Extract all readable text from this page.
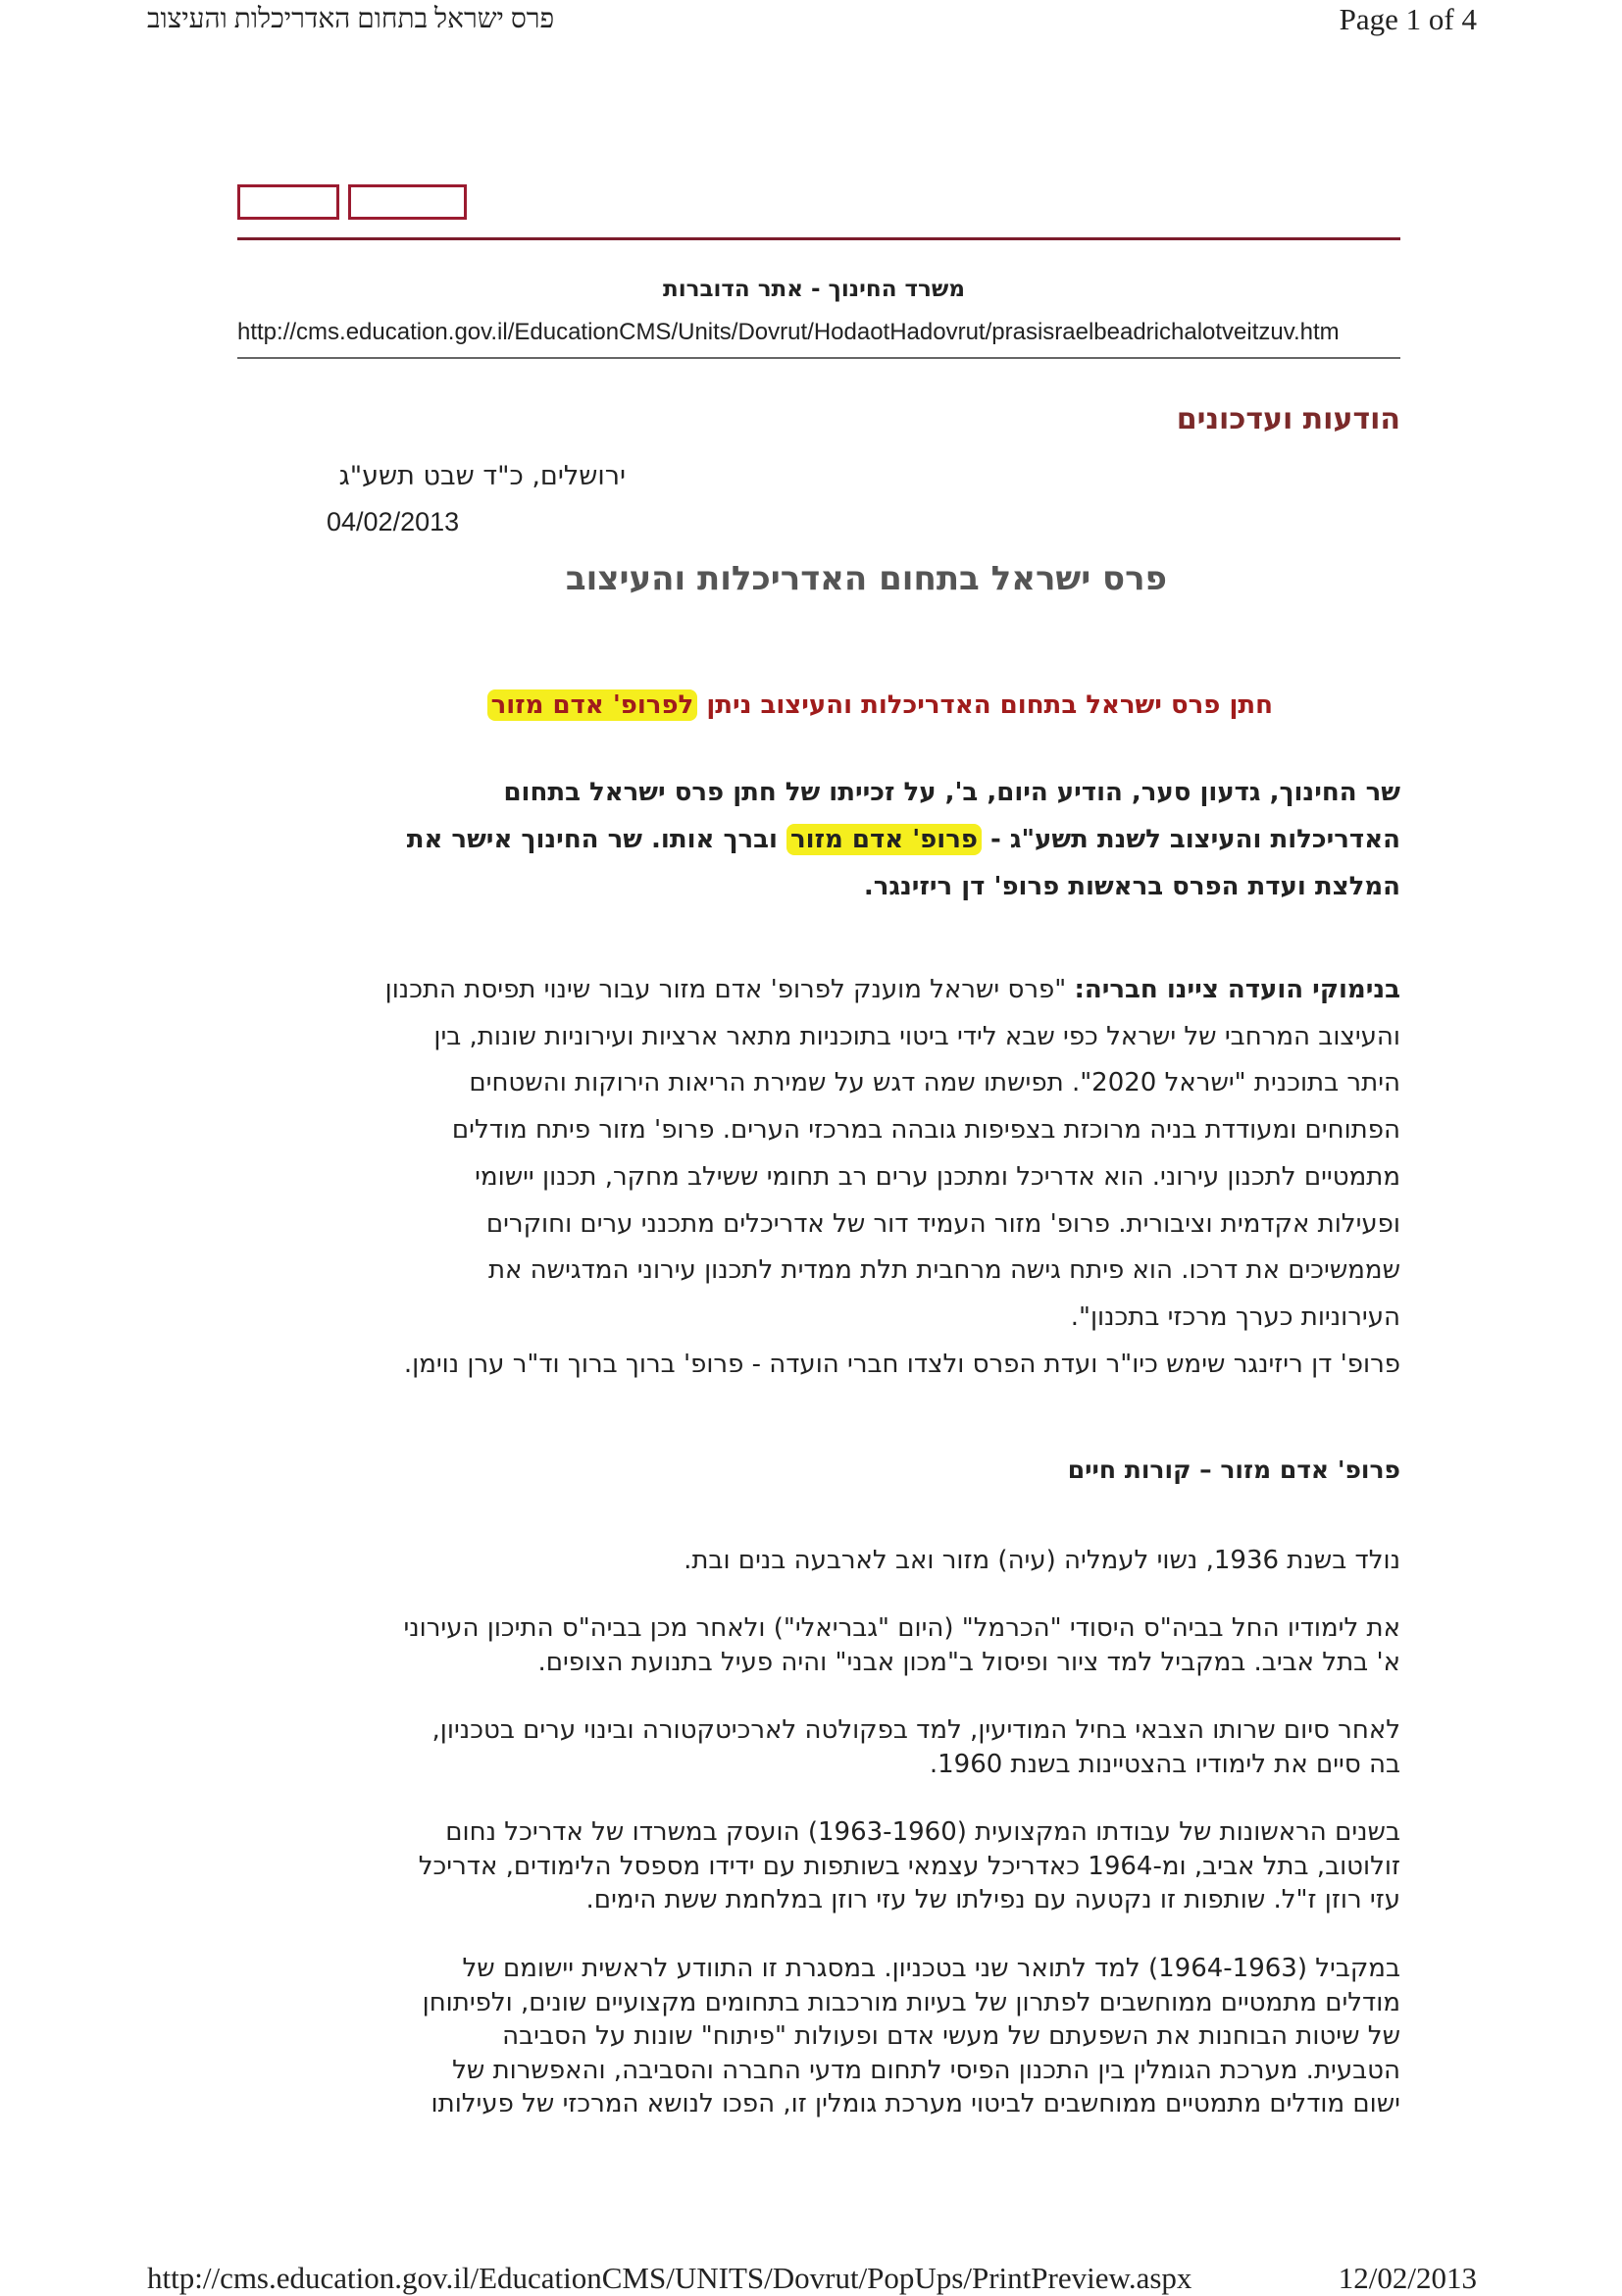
פרס ישראל בתחום האדריכלות והעיצוב	Page 1 of 4
משרד החינוך - אתר הדוברות
http://cms.education.gov.il/EducationCMS/Units/Dovrut/HodaotHadovrut/prasisraelbeadrichalotveitzuv.htm
הודעות ועדכונים
ירושלים, כ"ד שבט תשע"ג
04/02/2013
פרס ישראל בתחום האדריכלות והעיצוב
חתן פרס ישראל בתחום האדריכלות והעיצוב ניתן לפרופ' אדם מזור
שר החינוך, גדעון סער, הודיע היום, ב', על זכייתו של חתן פרס ישראל בתחום
האדריכלות והעיצוב לשנת תשע"ג - פרופ' אדם מזור וברך אותו. שר החינוך אישר את
המלצת ועדת הפרס בראשות פרופ' דן ריזינגר.
בנימוקי הועדה ציינו חבריה: "פרס ישראל מוענק לפרופ' אדם מזור עבור שינוי תפיסת התכנון
והעיצוב המרחבי של ישראל כפי שבא לידי ביטוי בתוכניות מתאר ארציות ועירוניות שונות, בין
היתר בתוכנית "ישראל 2020". תפישתו שמה דגש על שמירת הריאות הירוקות והשטחים
הפתוחים ומעודדת בניה מרוכזת בצפיפות גובהה במרכזי הערים. פרופ' מזור פיתח מודלים
מתמטיים לתכנון עירוני. הוא אדריכל ומתכנן ערים רב תחומי ששילב מחקר, תכנון יישומי
ופעילות אקדמית וציבורית. פרופ' מזור העמיד דור של אדריכלים מתכנני ערים וחוקרים
שממשיכים את דרכו. הוא פיתח גישה מרחבית תלת ממדית לתכנון עירוני המדגישה את
העירוניות כערך מרכזי בתכנון".
פרופ' דן ריזינגר שימש כיו"ר ועדת הפרס ולצדו חברי הועדה - פרופ' ברוך ברוך וד"ר ערן נוימן.
פרופ' אדם מזור – קורות חיים
נולד בשנת 1936, נשוי לעמליה (עיה) מזור ואב לארבעה בנים ובת.
את לימודיו החל בביה"ס היסודי "הכרמל" (היום "גבריאלי") ולאחר מכן בביה"ס התיכון העירוני
א' בתל אביב. במקביל למד ציור ופיסול ב"מכון אבני" והיה פעיל בתנועת הצופים.
לאחר סיום שרותו הצבאי בחיל המודיעין, למד בפקולטה לארכיטקטורה ובינוי ערים בטכניון,
בה סיים את לימודיו בהצטיינות בשנת 1960.
בשנים הראשונות של עבודתו המקצועית (1963-1960) הועסק במשרדו של אדריכל נחום
זולוטוב, בתל אביב, ומ-1964 כאדריכל עצמאי בשותפות עם ידידו מספסל הלימודים, אדריכל
עזי רוזן ז"ל. שותפות זו נקטעה עם נפילתו של עזי רוזן במלחמת ששת הימים.
במקביל (1964-1963) למד לתואר שני בטכניון. במסגרת זו התוודע לראשית יישומם של
מודלים מתמטיים ממוחשבים לפתרון של בעיות מורכבות בתחומים מקצועיים שונים, ולפיתוחן
של שיטות הבוחנות את השפעתם של מעשי אדם ופעולות "פיתוח" שונות על הסביבה
הטבעית. מערכת הגומלין בין התכנון הפיסי לתחום מדעי החברה והסביבה, והאפשרות של
ישום מודלים מתמטיים ממוחשבים לביטוי מערכת גומלין זו, הפכו לנושא המרכזי של פעילותו
http://cms.education.gov.il/EducationCMS/UNITS/Dovrut/PopUps/PrintPreview.aspx	12/02/2013
